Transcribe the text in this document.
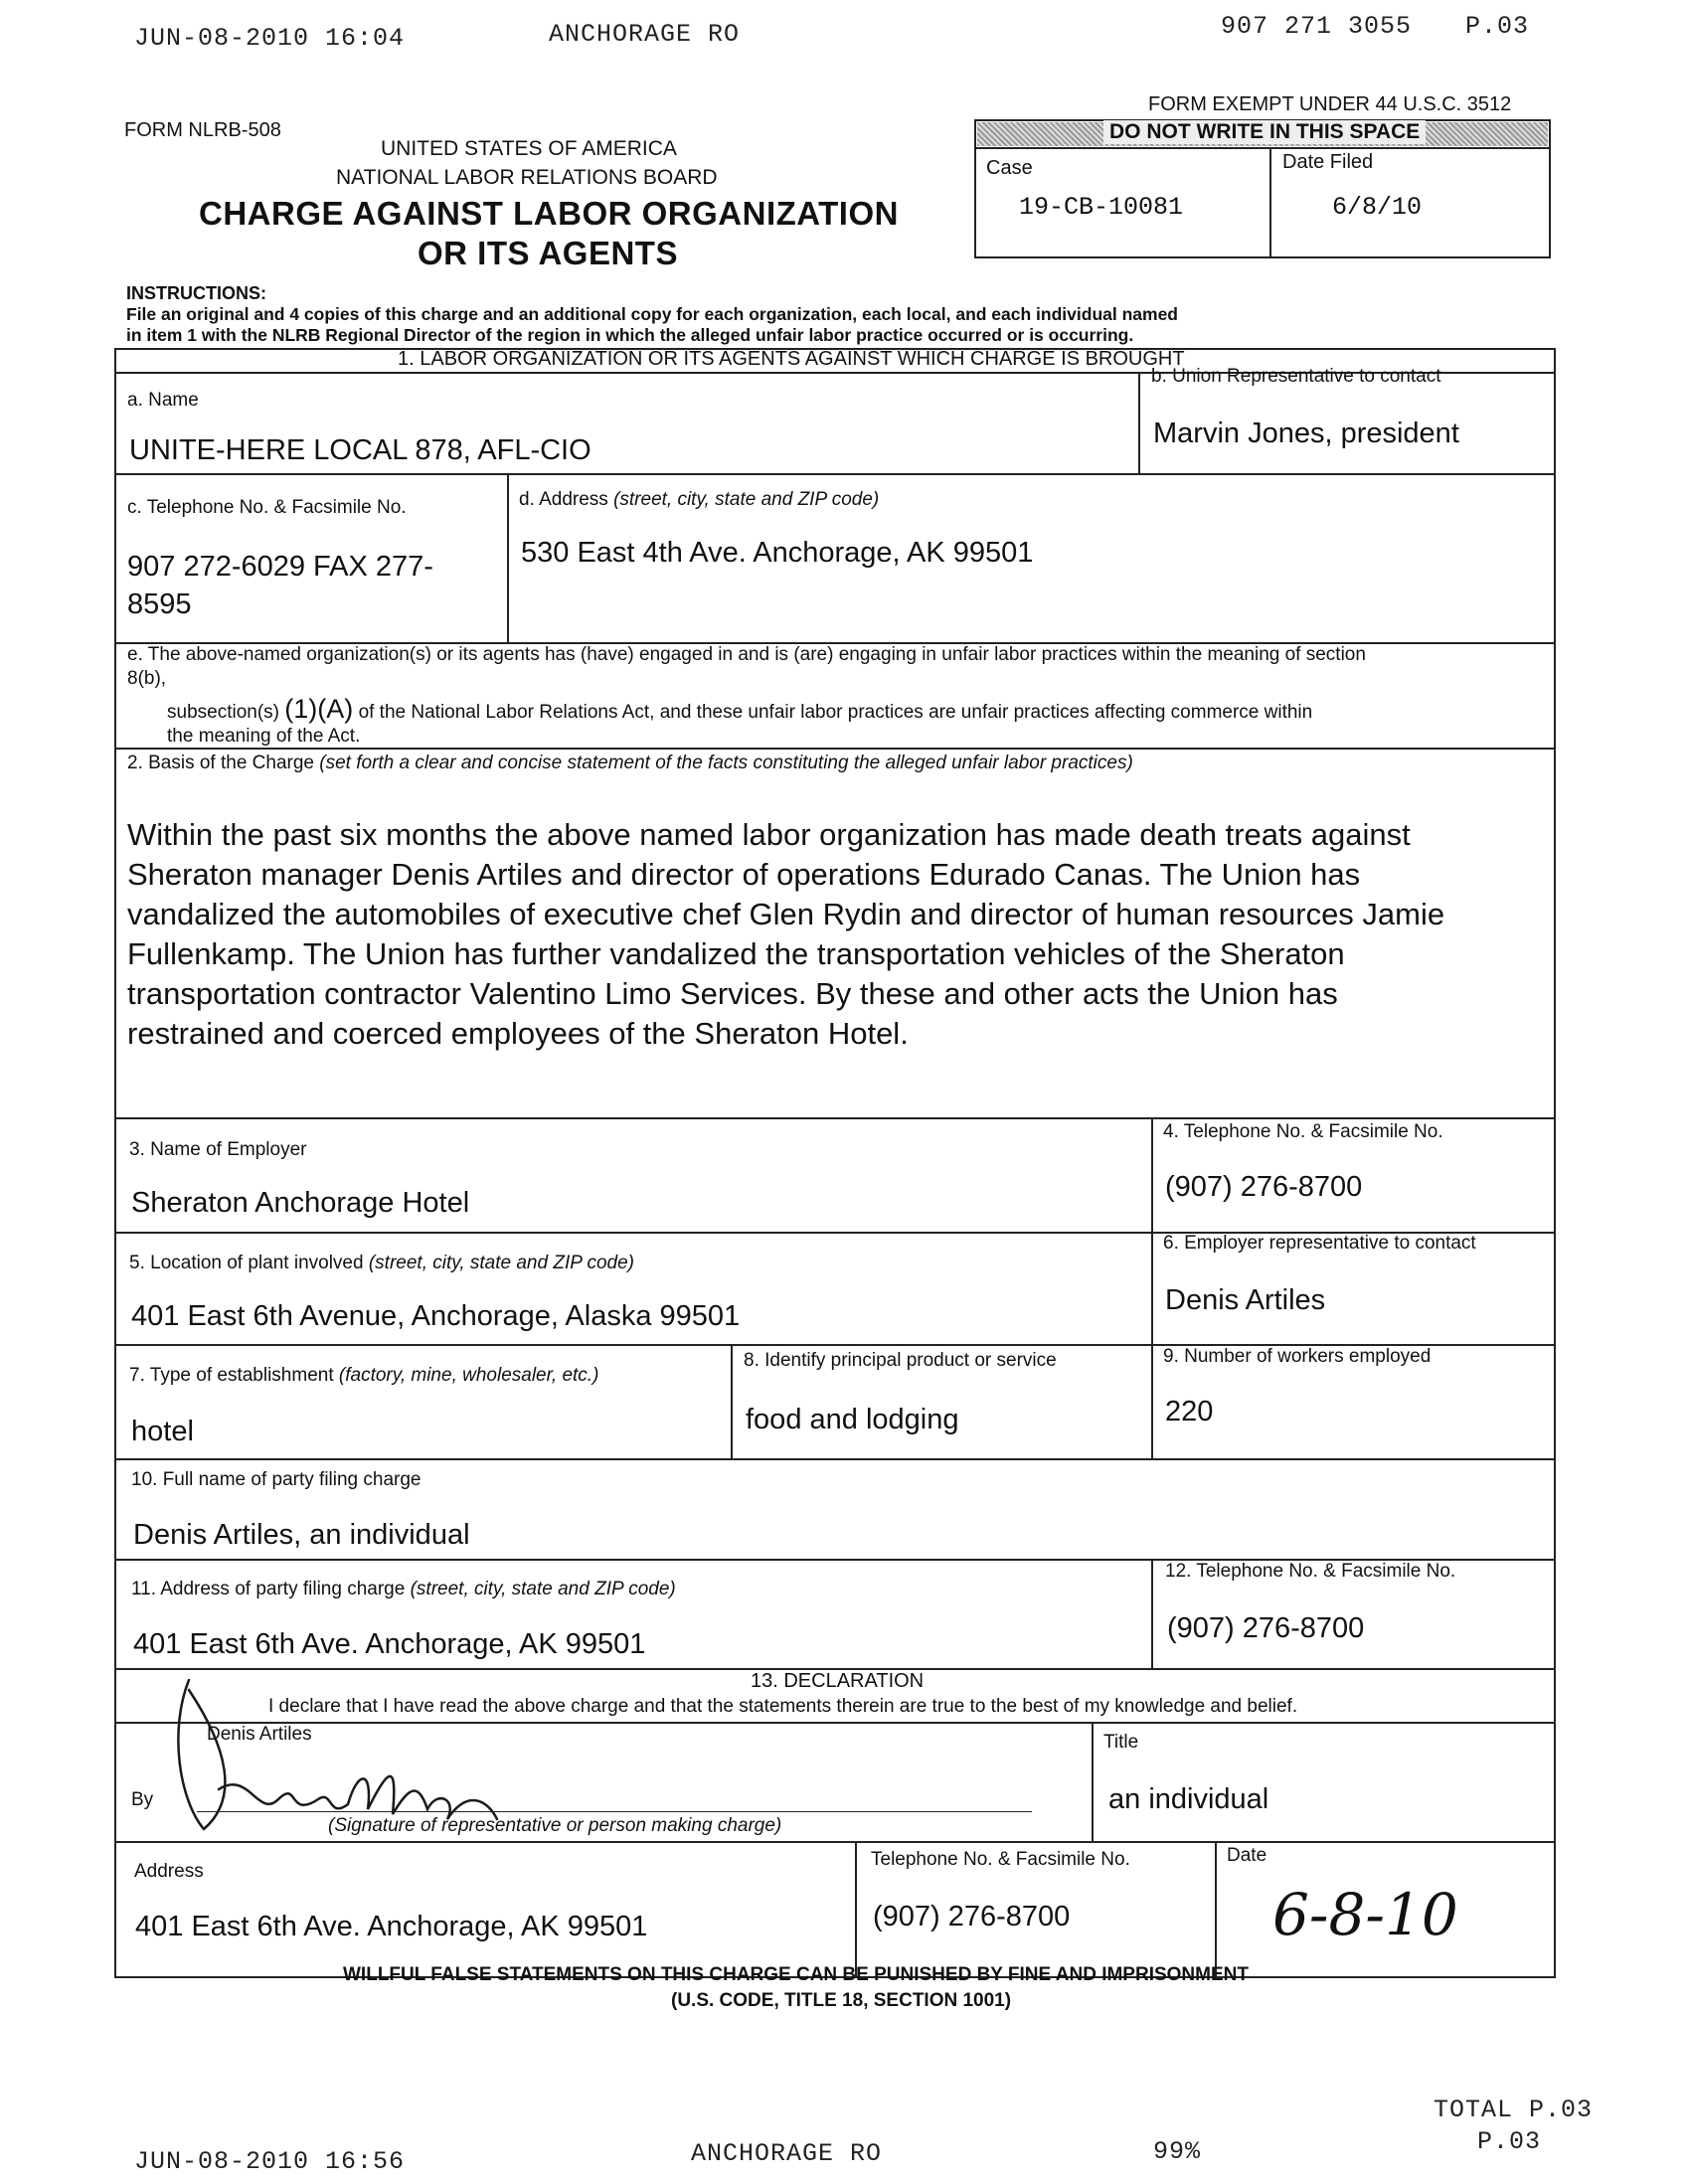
JUN-08-2010 16:04	ANCHORAGE RO	907 271 3055 P.03
FORM NLRB-508
FORM EXEMPT UNDER 44 U.S.C. 3512
UNITED STATES OF AMERICA
NATIONAL LABOR RELATIONS BOARD
CHARGE AGAINST LABOR ORGANIZATION
OR ITS AGENTS
DO NOT WRITE IN THIS SPACE
Case
19-CB-10081
Date Filed
6/8/10
INSTRUCTIONS:
File an original and 4 copies of this charge and an additional copy for each organization, each local, and each individual named
in item 1 with the NLRB Regional Director of the region in which the alleged unfair labor practice occurred or is occurring.
1. LABOR ORGANIZATION OR ITS AGENTS AGAINST WHICH CHARGE IS BROUGHT
a. Name
UNITE-HERE LOCAL 878, AFL-CIO
b. Union Representative to contact
Marvin Jones, president
c. Telephone No. & Facsimile No.
907 272-6029 FAX 277-
8595
d. Address (street, city, state and ZIP code)
530 East 4th Ave. Anchorage, AK 99501
e. The above-named organization(s) or its agents has (have) engaged in and is (are) engaging in unfair labor practices within the meaning of section
8(b),
subsection(s) (1)(A) of the National Labor Relations Act, and these unfair labor practices are unfair practices affecting commerce within
the meaning of the Act.
2. Basis of the Charge (set forth a clear and concise statement of the facts constituting the alleged unfair labor practices)
Within the past six months the above named labor organization has made death treats against
Sheraton manager Denis Artiles and director of operations Edurado Canas. The Union has
vandalized the automobiles of executive chef Glen Rydin and director of human resources Jamie
Fullenkamp. The Union has further vandalized the transportation vehicles of the Sheraton
transportation contractor Valentino Limo Services. By these and other acts the Union has
restrained and coerced employees of the Sheraton Hotel.
3. Name of Employer
Sheraton Anchorage Hotel
4. Telephone No. & Facsimile No.
(907) 276-8700
5. Location of plant involved (street, city, state and ZIP code)
401 East 6th Avenue, Anchorage, Alaska 99501
6. Employer representative to contact
Denis Artiles
7. Type of establishment (factory, mine, wholesaler, etc.)
hotel
8. Identify principal product or service
food and lodging
9. Number of workers employed
220
10. Full name of party filing charge
Denis Artiles, an individual
11. Address of party filing charge (street, city, state and ZIP code)
401 East 6th Ave. Anchorage, AK 99501
12. Telephone No. & Facsimile No.
(907) 276-8700
13. DECLARATION
I declare that I have read the above charge and that the statements therein are true to the best of my knowledge and belief.
Denis Artiles
By
(Signature of representative or person making charge)
Title
an individual
Address
401 East 6th Ave. Anchorage, AK 99501
Telephone No. & Facsimile No.
(907) 276-8700
Date
6-8-10
WILLFUL FALSE STATEMENTS ON THIS CHARGE CAN BE PUNISHED BY FINE AND IMPRISONMENT
(U.S. CODE, TITLE 18, SECTION 1001)
TOTAL P.03
P.03
JUN-08-2010 16:56	ANCHORAGE RO	99%
